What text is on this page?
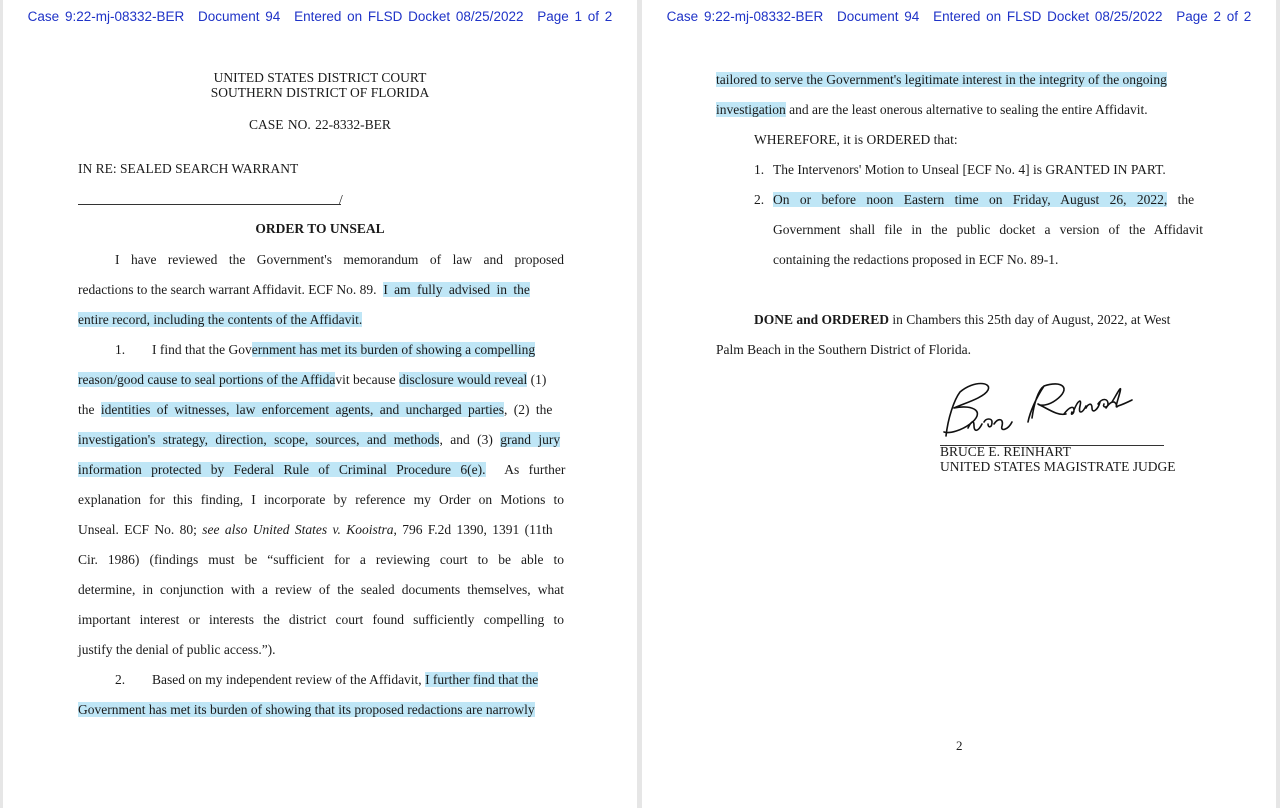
Case 9:22-mj-08332-BER Document 94 Entered on FLSD Docket 08/25/2022 Page 1 of 2
UNITED STATES DISTRICT COURT
SOUTHERN DISTRICT OF FLORIDA
CASE NO. 22-8332-BER
IN RE: SEALED SEARCH WARRANT
/
ORDER TO UNSEAL
I have reviewed the Government's memorandum of law and proposed
redactions to the search warrant Affidavit. ECF No. 89. I am fully advised in the
entire record, including the contents of the Affidavit.
1. I find that the Government has met its burden of showing a compelling
reason/good cause to seal portions of the Affidavit because disclosure would reveal (1)
the identities of witnesses, law enforcement agents, and uncharged parties, (2) the
investigation's strategy, direction, scope, sources, and methods, and (3) grand jury
information protected by Federal Rule of Criminal Procedure 6(e). As further
explanation for this finding, I incorporate by reference my Order on Motions to
Unseal. ECF No. 80; see also United States v. Kooistra, 796 F.2d 1390, 1391 (11th
Cir. 1986) (findings must be “sufficient for a reviewing court to be able to
determine, in conjunction with a review of the sealed documents themselves, what
important interest or interests the district court found sufficiently compelling to
justify the denial of public access.”).
2. Based on my independent review of the Affidavit, I further find that the
Government has met its burden of showing that its proposed redactions are narrowly
Case 9:22-mj-08332-BER Document 94 Entered on FLSD Docket 08/25/2022 Page 2 of 2
tailored to serve the Government's legitimate interest in the integrity of the ongoing
investigation and are the least onerous alternative to sealing the entire Affidavit.
WHEREFORE, it is ORDERED that:
1. The Intervenors' Motion to Unseal [ECF No. 4] is GRANTED IN PART.
2. On or before noon Eastern time on Friday, August 26, 2022, the
Government shall file in the public docket a version of the Affidavit
containing the redactions proposed in ECF No. 89-1.
DONE and ORDERED in Chambers this 25th day of August, 2022, at West
Palm Beach in the Southern District of Florida.
BRUCE E. REINHART
UNITED STATES MAGISTRATE JUDGE
2
